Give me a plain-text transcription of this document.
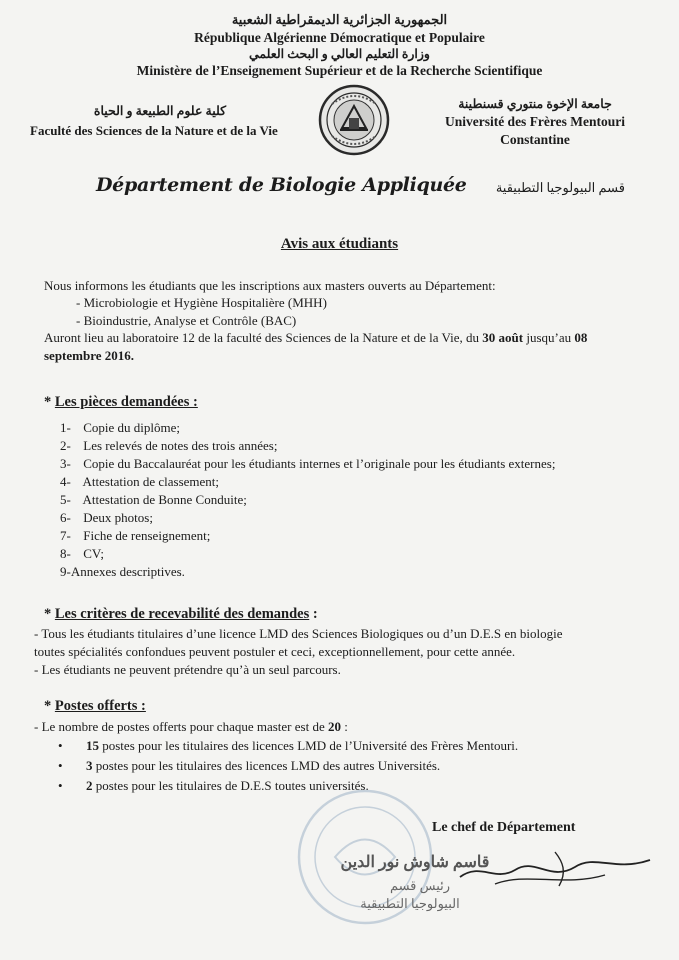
الجمهورية الجزائرية الديمقراطية الشعبية
République Algérienne Démocratique et Populaire
وزارة التعليم العالي و البحث العلمي
Ministère de l’Enseignement Supérieur et de la Recherche Scientifique
كلية علوم الطبيعة و الحياة
Faculté des Sciences de la Nature et de la Vie
جامعة الإخوة منتوري قسنطينة
Université des Frères Mentouri
Constantine
Département de Biologie Appliquée	قسم البيولوجيا التطبيقية
Avis aux étudiants
Nous informons les étudiants que les inscriptions aux masters ouverts au Département:
- Microbiologie et Hygiène Hospitalière (MHH)
- Bioindustrie, Analyse et Contrôle (BAC)
Auront lieu au laboratoire 12 de la faculté des Sciences de la Nature et de la Vie, du 30 août jusqu’au 08
septembre 2016.
* Les pièces demandées :
1- Copie du diplôme;
2- Les relevés de notes des trois années;
3- Copie du Baccalauréat pour les étudiants internes et l’originale pour les étudiants externes;
4- Attestation de classement;
5- Attestation de Bonne Conduite;
6- Deux photos;
7- Fiche de renseignement;
8- CV;
9-Annexes descriptives.
* Les critères de recevabilité des demandes :
- Tous les étudiants titulaires d’une licence LMD des Sciences Biologiques ou d’un D.E.S en biologie
toutes spécialités confondues peuvent postuler et ceci, exceptionnellement, pour cette année.
- Les étudiants ne peuvent prétendre qu’à un seul parcours.
* Postes offerts :
- Le nombre de postes offerts pour chaque master est de 20 :
• 15 postes pour les titulaires des licences LMD de l’Université des Frères Mentouri.
• 3 postes pour les titulaires des licences LMD des autres Universités.
• 2 postes pour les titulaires de D.E.S toutes universités.
Le chef de Département
قاسم شاوش نور الدين
رئيس قسم
البيولوجيا التطبيقية
